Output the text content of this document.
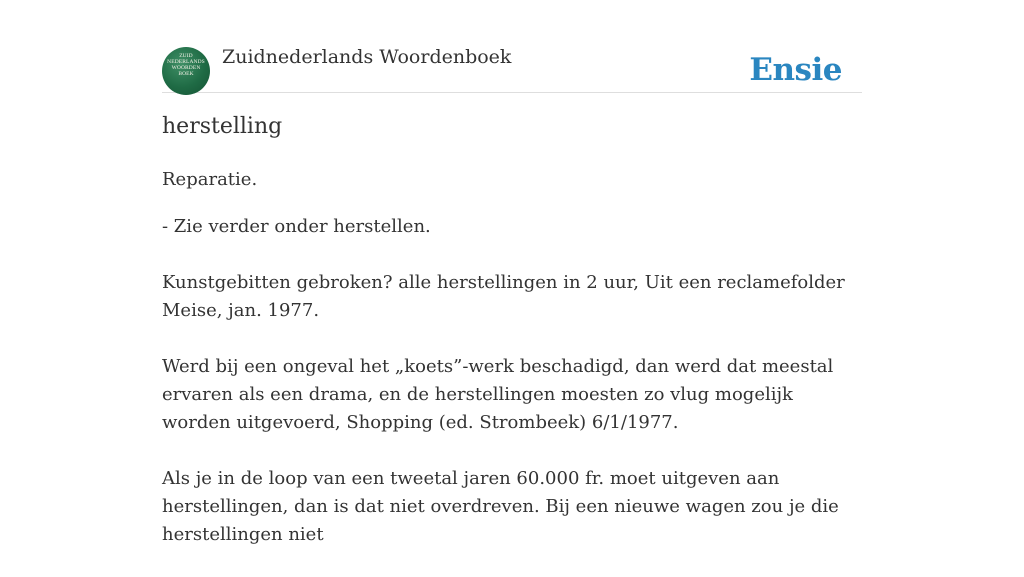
ZUID
NEDERLANDS
WOORDEN
BOEK
Zuidnederlands Woordenboek	Ensie
herstelling

Reparatie.

- Zie verder onder herstellen.

Kunstgebitten gebroken? alle herstellingen in 2 uur, Uit een reclamefolder Meise, jan. 1977.

Werd bij een ongeval het „koets”-werk beschadigd, dan werd dat meestal ervaren als een drama, en de herstellingen moesten zo vlug mogelijk worden uitgevoerd, Shopping (ed. Strombeek) 6/1/1977.

Als je in de loop van een tweetal jaren 60.000 fr. moet uitgeven aan herstellingen, dan is dat niet overdreven. Bij een nieuwe wagen zou je die herstellingen niet
